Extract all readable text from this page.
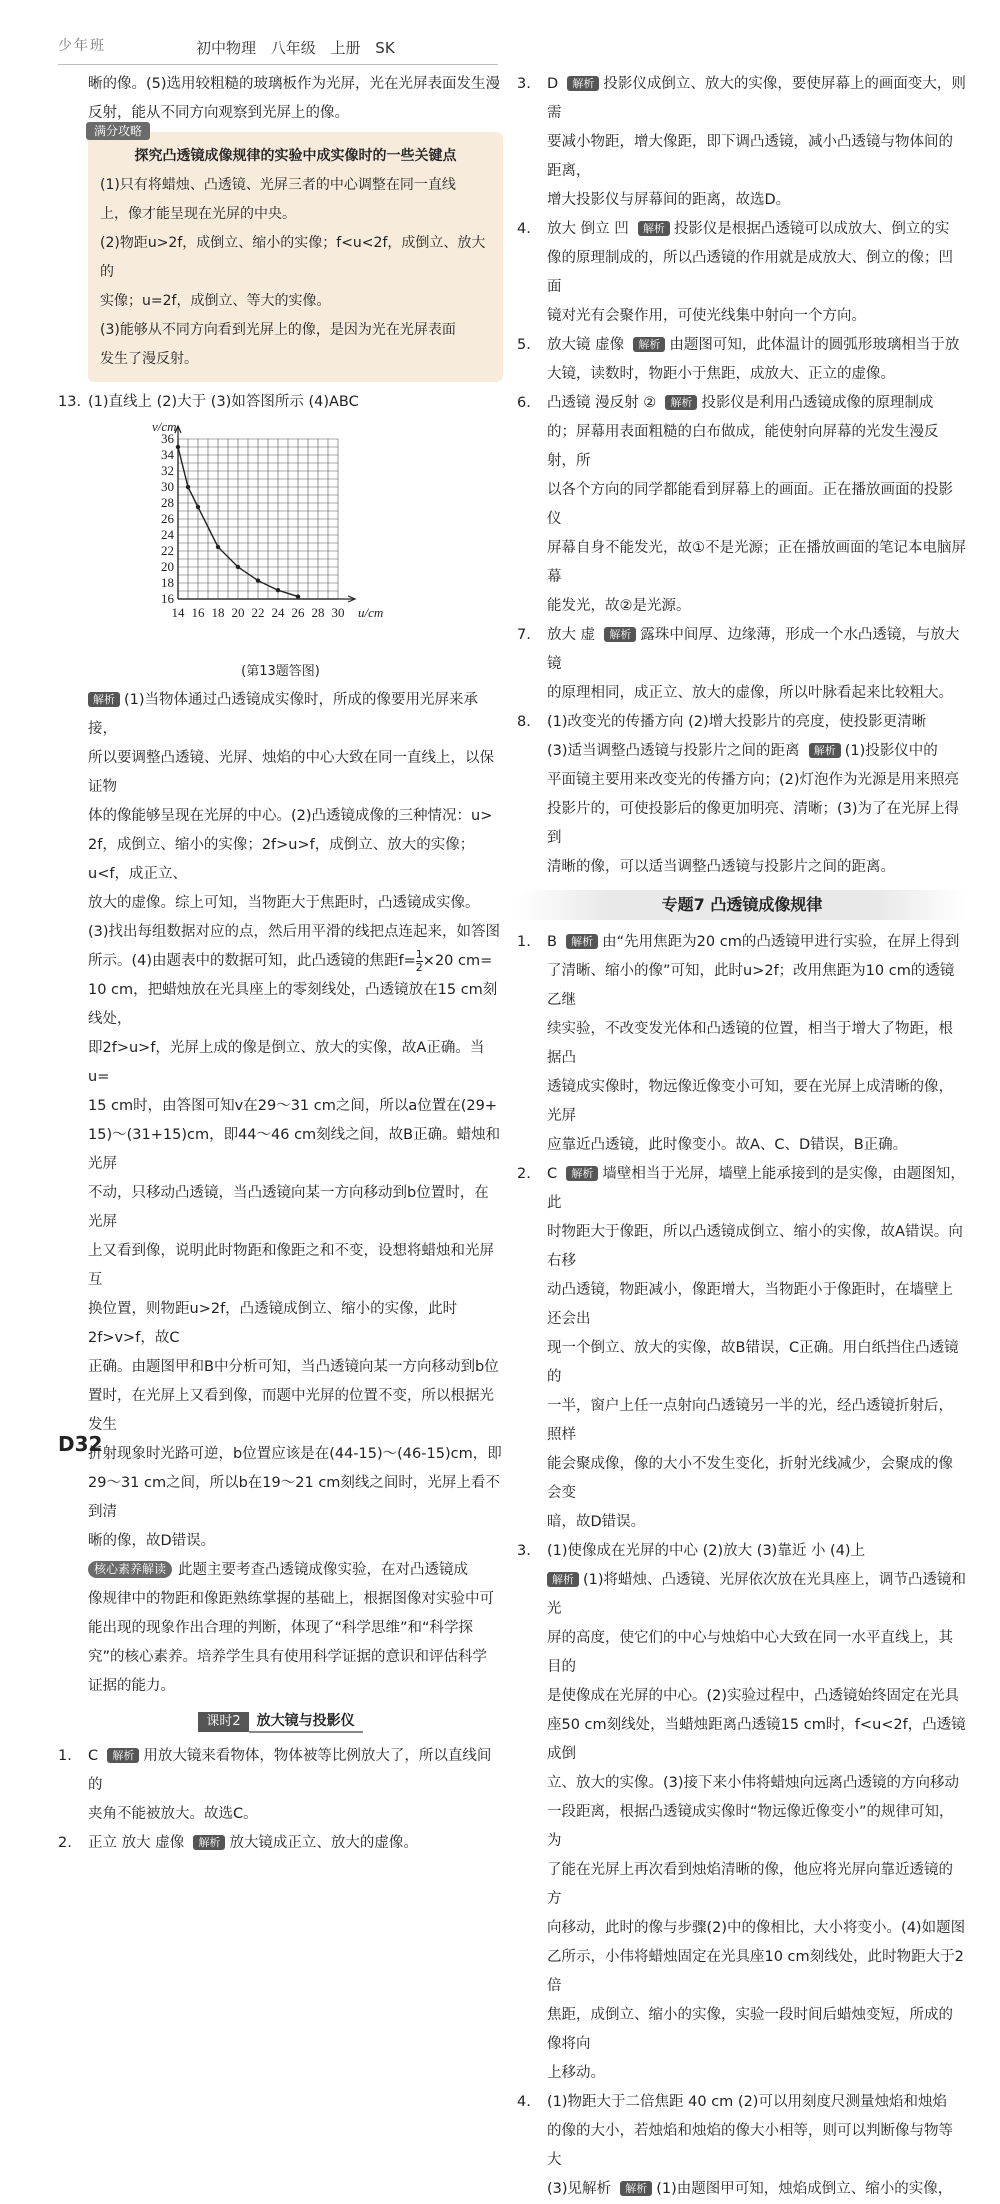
少年班	初中物理 八年级 上册 SK

晰的像。(5)选用较粗糙的玻璃板作为光屏，光在光屏表面发生漫

反射，能从不同方向观察到光屏上的像。

满分攻略

探究凸透镜成像规律的实验中成实像时的一些关键点

(1)只有将蜡烛、凸透镜、光屏三者的中心调整在同一直线

上，像才能呈现在光屏的中央。

(2)物距u>2f，成倒立、缩小的实像；f<u<2f，成倒立、放大的

实像；u=2f，成倒立、等大的实像。

(3)能够从不同方向看到光屏上的像，是因为光在光屏表面

发生了漫反射。

13. (1)直线上 (2)大于 (3)如答图所示 (4)ABC

14 16 18 20 22 24 26 28 30
16
18
20
22
24
26
28
30
32
34
36
v/cm
u/cm

(第13题答图)

解析 (1)当物体通过凸透镜成实像时，所成的像要用光屏来承接，

所以要调整凸透镜、光屏、烛焰的中心大致在同一直线上，以保证物

体的像能够呈现在光屏的中心。(2)凸透镜成像的三种情况：u>

2f，成倒立、缩小的实像；2f>u>f，成倒立、放大的实像；u<f，成正立、

放大的虚像。综上可知，当物距大于焦距时，凸透镜成实像。

(3)找出每组数据对应的点，然后用平滑的线把点连起来，如答图

所示。(4)由题表中的数据可知，此凸透镜的焦距$f= \frac{1}{2} \times 20$ cm=

10 cm，把蜡烛放在光具座上的零刻线处，凸透镜放在15 cm刻线处，

即2f>u>f，光屏上成的像是倒立、放大的实像，故A正确。当u=

15 cm时，由答图可知v在29～31 cm之间，所以a位置在(29+

15)～(31+15)cm，即44～46 cm刻线之间，故B正确。蜡烛和光屏

不动，只移动凸透镜，当凸透镜向某一方向移动到b位置时，在光屏

上又看到像，说明此时物距和像距之和不变，设想将蜡烛和光屏互

换位置，则物距u>2f，凸透镜成倒立、缩小的实像，此时2f>v>f，故C

正确。由题图甲和B中分析可知，当凸透镜向某一方向移动到b位

置时，在光屏上又看到像，而题中光屏的位置不变，所以根据光发生

折射现象时光路可逆，b位置应该是在(44-15)～(46-15)cm，即

29～31 cm之间，所以b在19～21 cm刻线之间时，光屏上看不到清

晰的像，故D错误。

核心素养解读 此题主要考查凸透镜成像实验，在对凸透镜成

像规律中的物距和像距熟练掌握的基础上，根据图像对实验中可

能出现的现象作出合理的判断，体现了“科学思维”和“科学探

究”的核心素养。培养学生具有使用科学证据的意识和评估科学

证据的能力。

课时2 放大镜与投影仪

1. C 解析 用放大镜来看物体，物体被等比例放大了，所以直线间的

夹角不能被放大。故选C。

2. 正立 放大 虚像 解析 放大镜成正立、放大的虚像。

3. D 解析 投影仪成倒立、放大的实像，要使屏幕上的画面变大，则需

要减小物距，增大像距，即下调凸透镜，减小凸透镜与物体间的距离，

增大投影仪与屏幕间的距离，故选D。

4. 放大 倒立 凹 解析 投影仪是根据凸透镜可以成放大、倒立的实

像的原理制成的，所以凸透镜的作用就是成放大、倒立的像；凹面

镜对光有会聚作用，可使光线集中射向一个方向。

5. 放大镜 虚像 解析 由题图可知，此体温计的圆弧形玻璃相当于放

大镜，读数时，物距小于焦距，成放大、正立的虚像。

6. 凸透镜 漫反射 ② 解析 投影仪是利用凸透镜成像的原理制成

的；屏幕用表面粗糙的白布做成，能使射向屏幕的光发生漫反射，所

以各个方向的同学都能看到屏幕上的画面。正在播放画面的投影仪

屏幕自身不能发光，故①不是光源；正在播放画面的笔记本电脑屏幕

能发光，故②是光源。

7. 放大 虚 解析 露珠中间厚、边缘薄，形成一个水凸透镜，与放大镜

的原理相同，成正立、放大的虚像，所以叶脉看起来比较粗大。

8. (1)改变光的传播方向 (2)增大投影片的亮度，使投影更清晰

(3)适当调整凸透镜与投影片之间的距离 解析 (1)投影仪中的

平面镜主要用来改变光的传播方向；(2)灯泡作为光源是用来照亮

投影片的，可使投影后的像更加明亮、清晰；(3)为了在光屏上得到

清晰的像，可以适当调整凸透镜与投影片之间的距离。

专题7 凸透镜成像规律

1. B 解析 由“先用焦距为20 cm的凸透镜甲进行实验，在屏上得到

了清晰、缩小的像”可知，此时u>2f；改用焦距为10 cm的透镜乙继

续实验，不改变发光体和凸透镜的位置，相当于增大了物距，根据凸

透镜成实像时，物远像近像变小可知，要在光屏上成清晰的像，光屏

应靠近凸透镜，此时像变小。故A、C、D错误，B正确。

2. C 解析 墙壁相当于光屏，墙壁上能承接到的是实像，由题图知，此

时物距大于像距，所以凸透镜成倒立、缩小的实像，故A错误。向右移

动凸透镜，物距减小，像距增大，当物距小于像距时，在墙壁上还会出

现一个倒立、放大的实像，故B错误，C正确。用白纸挡住凸透镜的

一半，窗户上任一点射向凸透镜另一半的光，经凸透镜折射后，照样

能会聚成像，像的大小不发生变化，折射光线减少，会聚成的像会变

暗，故D错误。

3. (1)使像成在光屏的中心 (2)放大 (3)靠近 小 (4)上

解析 (1)将蜡烛、凸透镜、光屏依次放在光具座上，调节凸透镜和光

屏的高度，使它们的中心与烛焰中心大致在同一水平直线上，其目的

是使像成在光屏的中心。(2)实验过程中，凸透镜始终固定在光具

座50 cm刻线处，当蜡烛距离凸透镜15 cm时，f<u<2f，凸透镜成倒

立、放大的实像。(3)接下来小伟将蜡烛向远离凸透镜的方向移动

一段距离，根据凸透镜成实像时“物远像近像变小”的规律可知，为

了能在光屏上再次看到烛焰清晰的像，他应将光屏向靠近透镜的方

向移动，此时的像与步骤(2)中的像相比，大小将变小。(4)如题图

乙所示，小伟将蜡烛固定在光具座10 cm刻线处，此时物距大于2倍

焦距，成倒立、缩小的实像，实验一段时间后蜡烛变短，所成的像将向

上移动。

4. (1)物距大于二倍焦距 40 cm (2)可以用刻度尺测量烛焰和烛焰

的像的大小，若烛焰和烛焰的像大小相等，则可以判断像与物等大

(3)见解析 解析 (1)由题图甲可知，烛焰成倒立、缩小的实像，

D32
